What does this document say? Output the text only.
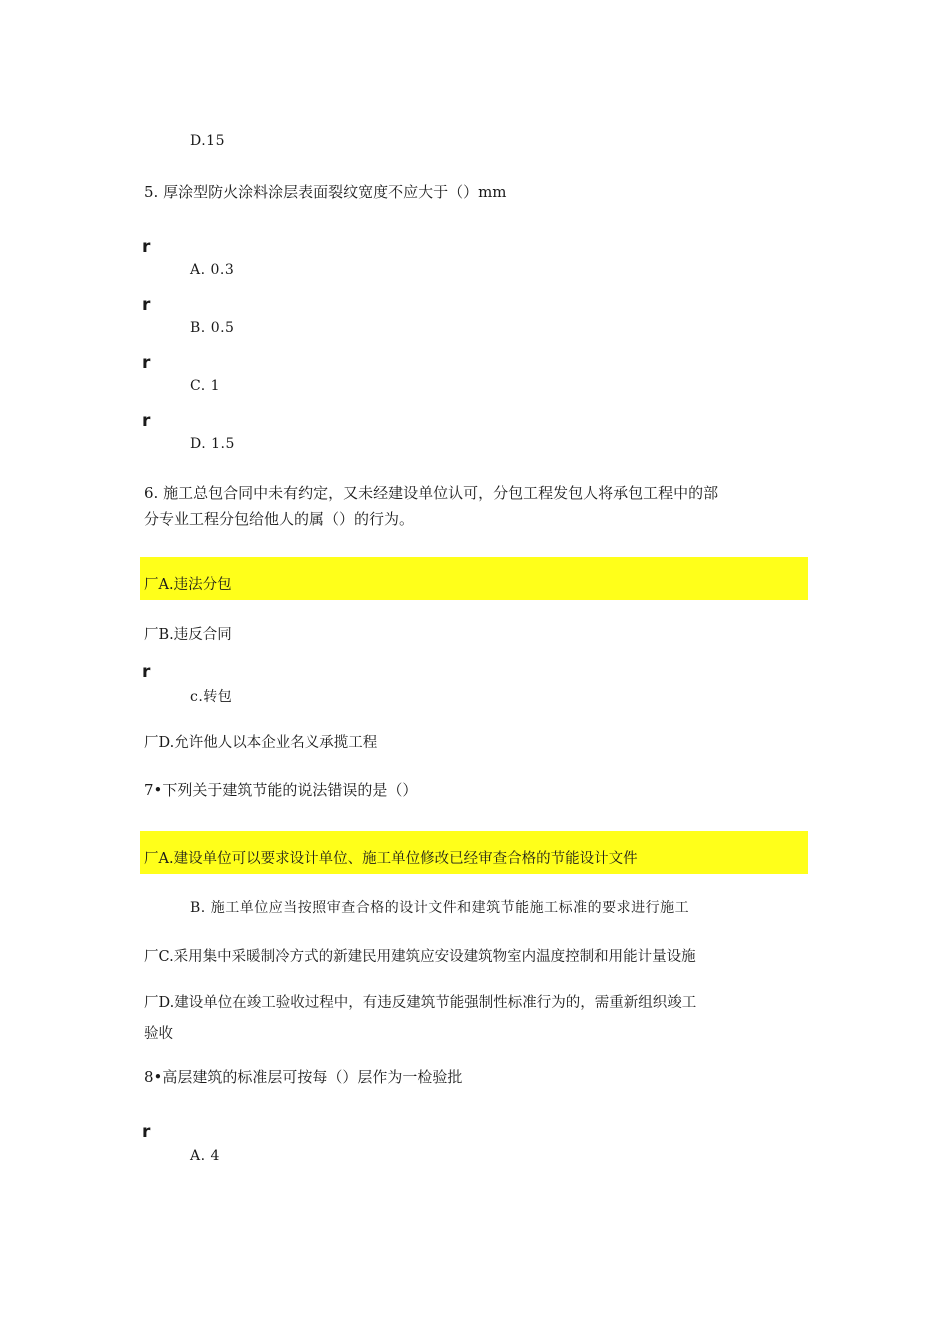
D.15
5. 厚涂型防火涂料涂层表面裂纹宽度不应大于（）mm
r
A. 0.3
r
B. 0.5
r
C. 1
r
D. 1.5
6. 施工总包合同中未有约定，又未经建设单位认可，分包工程发包人将承包工程中的部
分专业工程分包给他人的属（）的行为。
厂A.违法分包
厂B.违反合同
r
c.转包
厂D.允许他人以本企业名义承揽工程
7•下列关于建筑节能的说法错误的是（）
厂A.建设单位可以要求设计单位、施工单位修改已经审查合格的节能设计文件
B. 施工单位应当按照审查合格的设计文件和建筑节能施工标准的要求进行施工
厂C.采用集中采暖制冷方式的新建民用建筑应安设建筑物室内温度控制和用能计量设施
厂D.建设单位在竣工验收过程中，有违反建筑节能强制性标准行为的，需重新组织竣工
验收
8•高层建筑的标准层可按每（）层作为一检验批
r
A. 4
